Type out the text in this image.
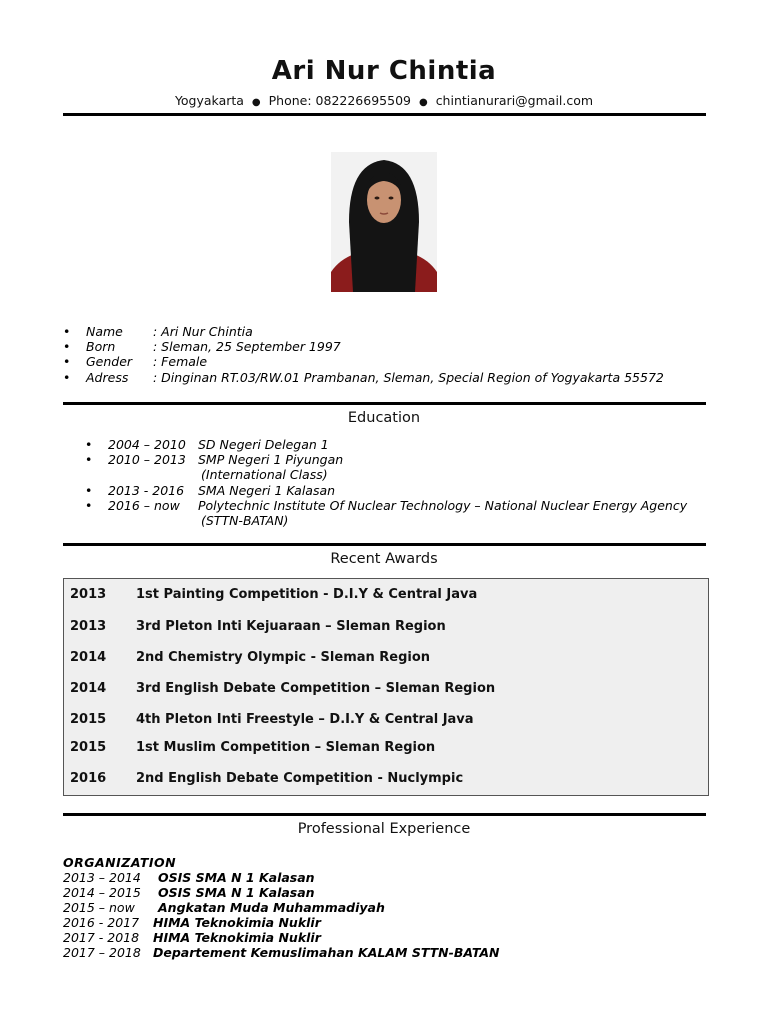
Ari Nur Chintia
Yogyakarta ● Phone: 082226695509 ● chintianurari@gmail.com
• Name : Ari Nur Chintia
• Born	: Sleman, 25 September 1997
• Gender : Female
• Adress : Dinginan RT.03/RW.01 Prambanan, Sleman, Special Region of Yogyakarta 55572
Education
• 2004 – 2010 SD Negeri Delegan 1
• 2010 – 2013 SMP Negeri 1 Piyungan
(International Class)
• 2013 - 2016 SMA Negeri 1 Kalasan
• 2016 – now Polytechnic Institute Of Nuclear Technology – National Nuclear Energy Agency
(STTN-BATAN)
Recent Awards
2013 1st Painting Competition - D.I.Y & Central Java
2013 3rd Pleton Inti Kejuaraan – Sleman Region
2014 2nd Chemistry Olympic - Sleman Region
2014 3rd English Debate Competition – Sleman Region
2015 4th Pleton Inti Freestyle – D.I.Y & Central Java
2015 1st Muslim Competition – Sleman Region
2016 2nd English Debate Competition - Nuclympic
Professional Experience
ORGANIZATION
2013 – 2014 OSIS SMA N 1 Kalasan
2014 – 2015 OSIS SMA N 1 Kalasan
2015 – now Angkatan Muda Muhammadiyah
2016 - 2017 HIMA Teknokimia Nuklir
2017 - 2018 HIMA Teknokimia Nuklir
2017 – 2018 Departement Kemuslimahan KALAM STTN-BATAN
